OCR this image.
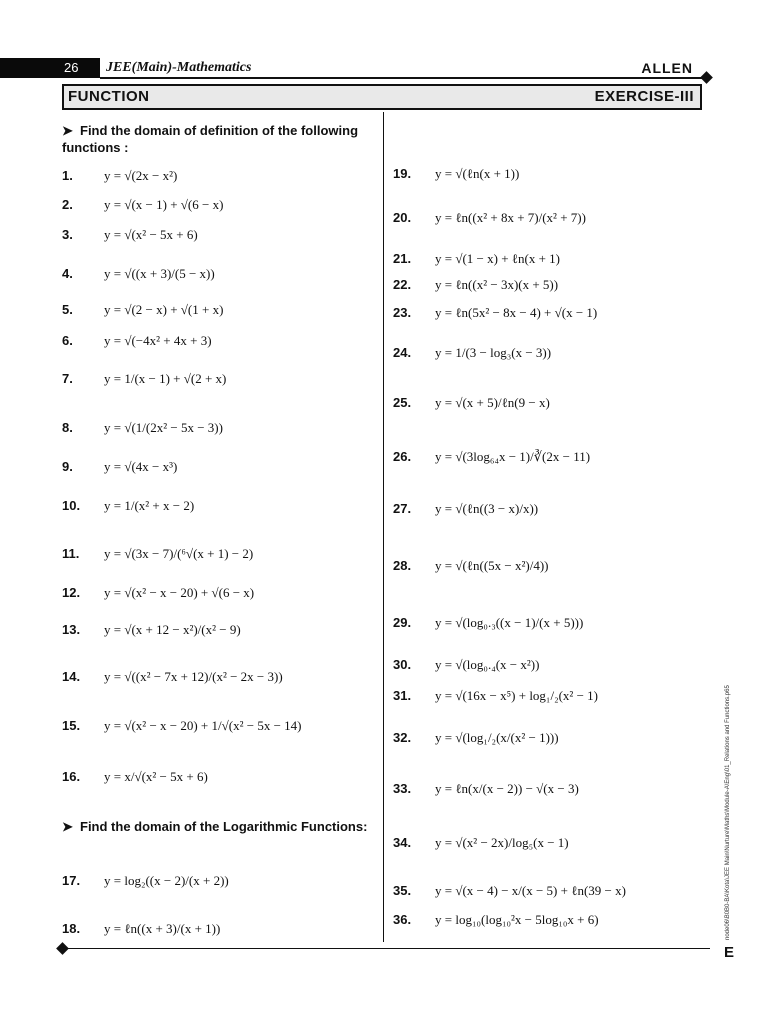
26 JEE(Main)-Mathematics	ALLEN
FUNCTION	EXERCISE-III
➤ Find the domain of definition of the following functions :
1. y = √(2x − x²)
2. y = √(x − 1) + √(6 − x)
3. y = √(x² − 5x + 6)
4. y = √((x + 3)/(5 − x))
5. y = √(2 − x) + √(1 + x)
6. y = √(−4x² + 4x + 3)
7. y = 1/(x − 1) + √(2 + x)
8. y = √(1/(2x² − 5x − 3))
9. y = √(4x − x³)
10. y = 1/(x² + x − 2)
11. y = √(3x − 7)/(⁶√(x + 1) − 2)
12. y = √(x² − x − 20) + √(6 − x)
13. y = √(x + 12 − x²)/(x² − 9)
14. y = √((x² − 7x + 12)/(x² − 2x − 3))
15. y = √(x² − x − 20) + 1/√(x² − 5x − 14)
16. y = x/√(x² − 5x + 6)
➤ Find the domain of the Logarithmic Functions:
17. y = log₂((x − 2)/(x + 2))
18. y = ℓn((x + 3)/(x + 1))
19. y = √(ℓn(x + 1))
20. y = ℓn((x² + 8x + 7)/(x² + 7))
21. y = √(1 − x) + ℓn(x + 1)
22. y = ℓn((x² − 3x)(x + 5))
23. y = ℓn(5x² − 8x − 4) + √(x − 1)
24. y = 1/(3 − log₃(x − 3))
25. y = √(x + 5)/ℓn(9 − x)
26. y = √(3log₆₄x − 1)/∛(2x − 11)
27. y = √(ℓn((3 − x)/x))
28. y = √(ℓn((5x − x²)/4))
29. y = √(log₀.₃((x − 1)/(x + 5)))
30. y = √(log₀.₄(x − x²))
31. y = √(16x − x⁵) + log₁/₂(x² − 1)
32. y = √(log₁/₂(x/(x² − 1)))
33. y = ℓn(x/(x − 2)) − √(x − 3)
34. y = √(x² − 2x)/log₅(x − 1)
35. y = √(x − 4) − x/(x − 5) + ℓn(39 − x)
36. y = log₁₀(log₁₀²x − 5log₁₀x + 6)	node06\B0B0-BA\Kota\JEE Main\Nurture\Maths\Module-A\Eng\01_Relations and Functions.p65
E
